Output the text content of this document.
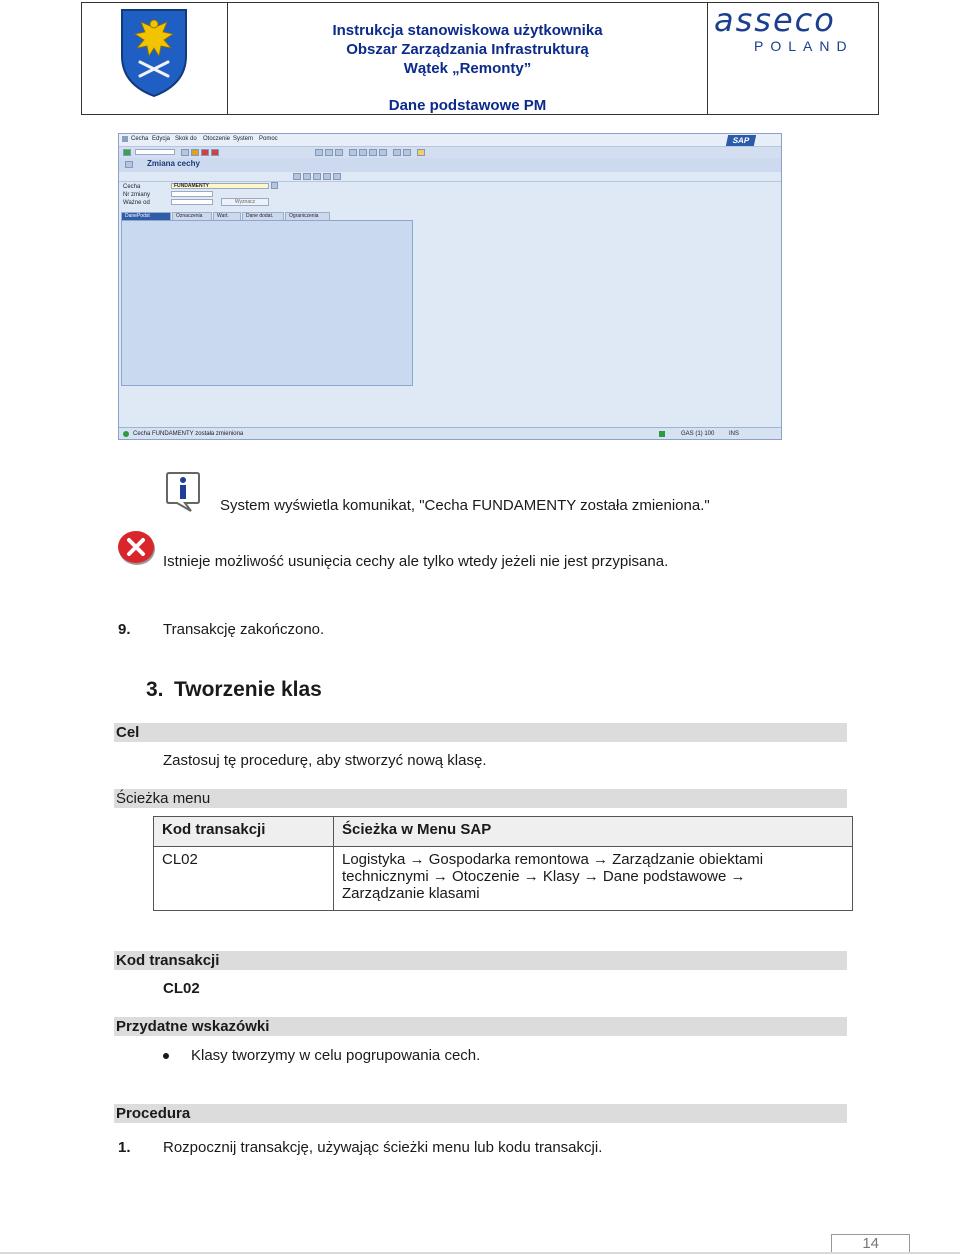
Instrukcja stanowiskowa użytkownika
Obszar Zarządzania Infrastrukturą
Wątek „Remonty”
Dane podstawowe PM
asseco
POLAND
Cecha Edycja Skok do Otoczenie System Pomoc	SAP
Zmiana cechy
Cecha	FUNDAMENTY
Nr zmiany
Ważne od	Wyznacz
DanePodst	Oznaczenia	Wart.	Dane dodat.	Ograniczenia
Cecha FUNDAMENTY została zmieniona	GAS (1) 100 INS
System wyświetla komunikat, "Cecha FUNDAMENTY została zmieniona."
Istnieje możliwość usunięcia cechy ale tylko wtedy jeżeli nie jest przypisana.
9. Transakcję zakończono.
3. Tworzenie klas
Cel
Zastosuj tę procedurę, aby stworzyć nową klasę.
Ścieżka menu
Kod transakcji	Ścieżka w Menu SAP
CL02	Logistyka → Gospodarka remontowa → Zarządzanie obiektami
technicznymi → Otoczenie → Klasy → Dane podstawowe →
Zarządzanie klasami
Kod transakcji
CL02
Przydatne wskazówki
Klasy tworzymy w celu pogrupowania cech.
Procedura
1. Rozpocznij transakcję, używając ścieżki menu lub kodu transakcji.
14
